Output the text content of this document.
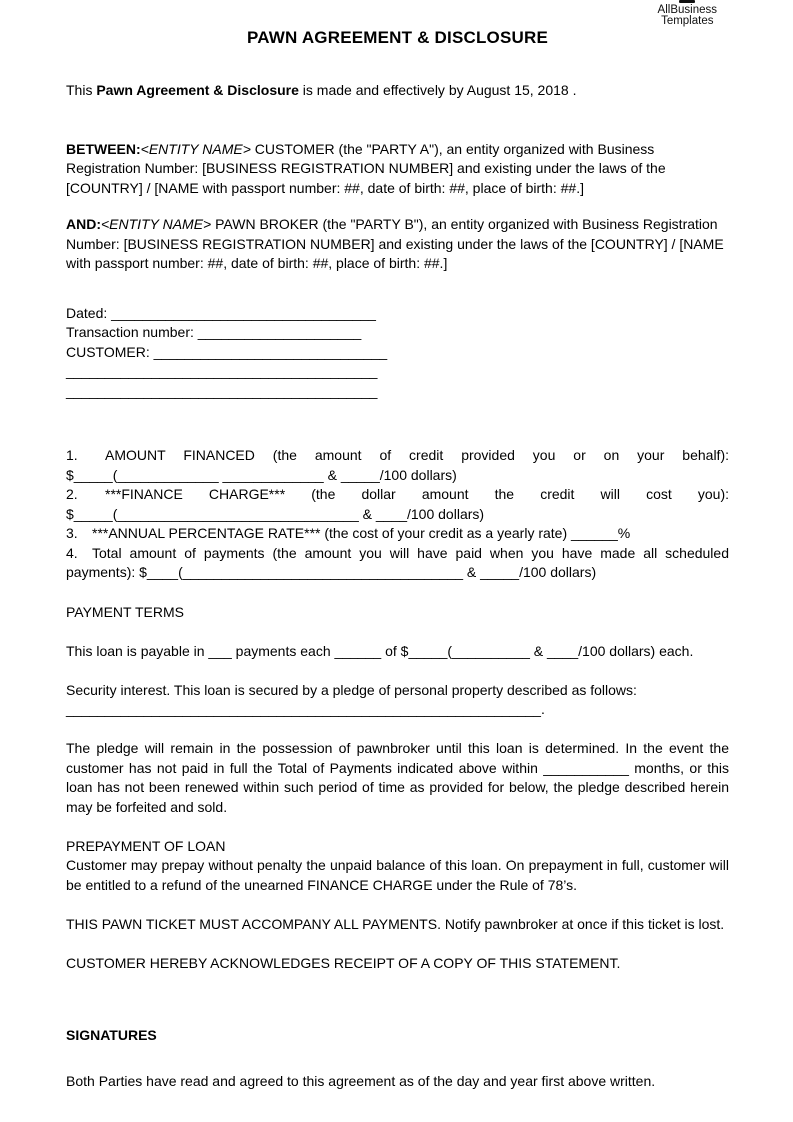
AllBusiness
Templates
PAWN AGREEMENT & DISCLOSURE

This Pawn Agreement & Disclosure is made and effectively by August 15, 2018 .

BETWEEN:<ENTITY NAME> CUSTOMER (the "PARTY A"), an entity organized with Business Registration Number: [BUSINESS REGISTRATION NUMBER] and existing under the laws of the [COUNTRY] / [NAME with passport number: ##, date of birth: ##, place of birth: ##.]

AND:<ENTITY NAME> PAWN BROKER (the "PARTY B"), an entity organized with Business Registration Number: [BUSINESS REGISTRATION NUMBER] and existing under the laws of the [COUNTRY] / [NAME with passport number: ##, date of birth: ##, place of birth: ##.]

Dated: __________________________________

Transaction number: _____________________

CUSTOMER: ______________________________

________________________________________

________________________________________

1. AMOUNT FINANCED (the amount of credit provided you or on your behalf): $_____(_____________ _____________ & _____/100 dollars)

2. ***FINANCE CHARGE*** (the dollar amount the credit will cost you): $_____(_______________________________ & ____/100 dollars)

3. ***ANNUAL PERCENTAGE RATE*** (the cost of your credit as a yearly rate) ______%

4. Total amount of payments (the amount you will have paid when you have made all scheduled payments): $____(____________________________________ & _____/100 dollars)

PAYMENT TERMS

This loan is payable in ___ payments each ______ of $_____(__________ & ____/100 dollars) each.

Security interest. This loan is secured by a pledge of personal property described as follows:

_____________________________________________________________.

The pledge will remain in the possession of pawnbroker until this loan is determined. In the event the customer has not paid in full the Total of Payments indicated above within ___________ months, or this loan has not been renewed within such period of time as provided for below, the pledge described herein may be forfeited and sold.

PREPAYMENT OF LOAN

Customer may prepay without penalty the unpaid balance of this loan. On prepayment in full, customer will be entitled to a refund of the unearned FINANCE CHARGE under the Rule of 78’s.

THIS PAWN TICKET MUST ACCOMPANY ALL PAYMENTS. Notify pawnbroker at once if this ticket is lost.

CUSTOMER HEREBY ACKNOWLEDGES RECEIPT OF A COPY OF THIS STATEMENT.

SIGNATURES

Both Parties have read and agreed to this agreement as of the day and year first above written.
